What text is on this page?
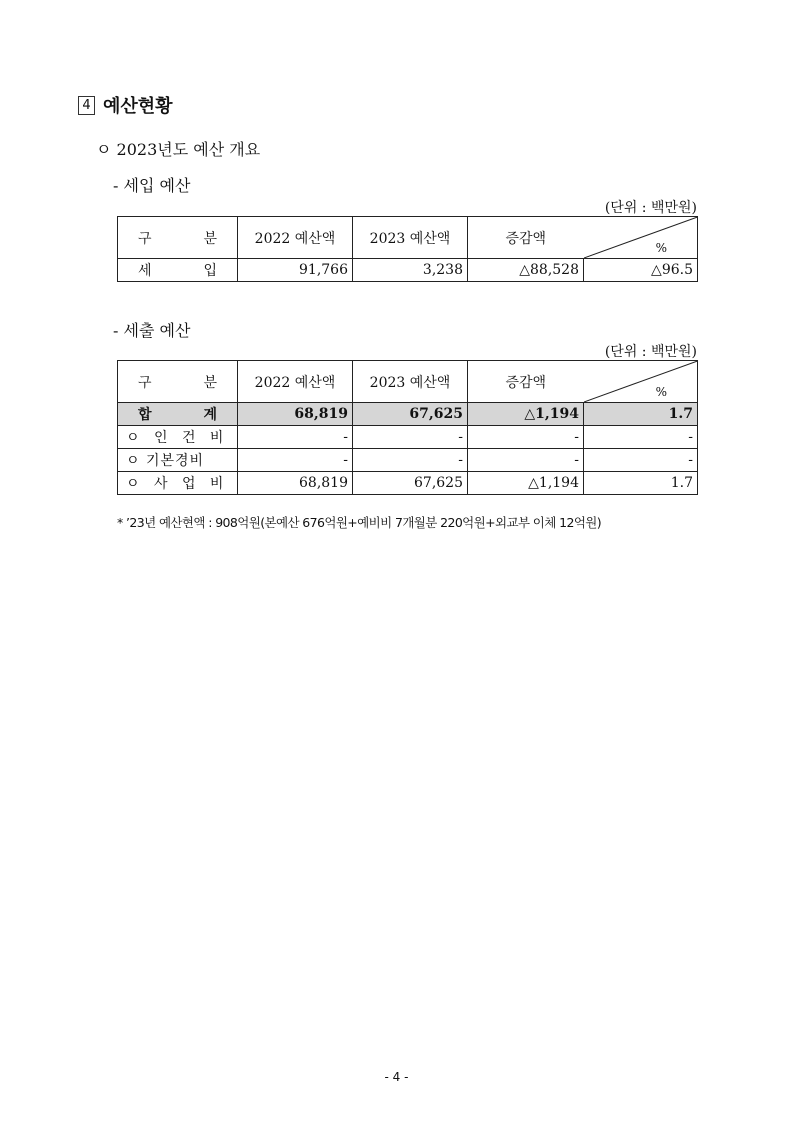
4 예산현황
ㅇ 2023년도 예산 개요
- 세입 예산
(단위 : 백만원)
구 분	2022 예산액	2023 예산액	증감액	%

세 입	91,766	3,238	△88,528	△96.5
- 세출 예산
(단위 : 백만원)
구 분	2022 예산액	2023 예산액	증감액	%

합 계	68,819	67,625	△1,194	1.7
ㅇ 인 건 비	-	-	-	-
ㅇ 기본경비	-	-	-	-
ㅇ 사 업 비	68,819	67,625	△1,194	1.7
* ’23년 예산현액 : 908억원(본예산 676억원+예비비 7개월분 220억원+외교부 이체 12억원)
- 4 -
